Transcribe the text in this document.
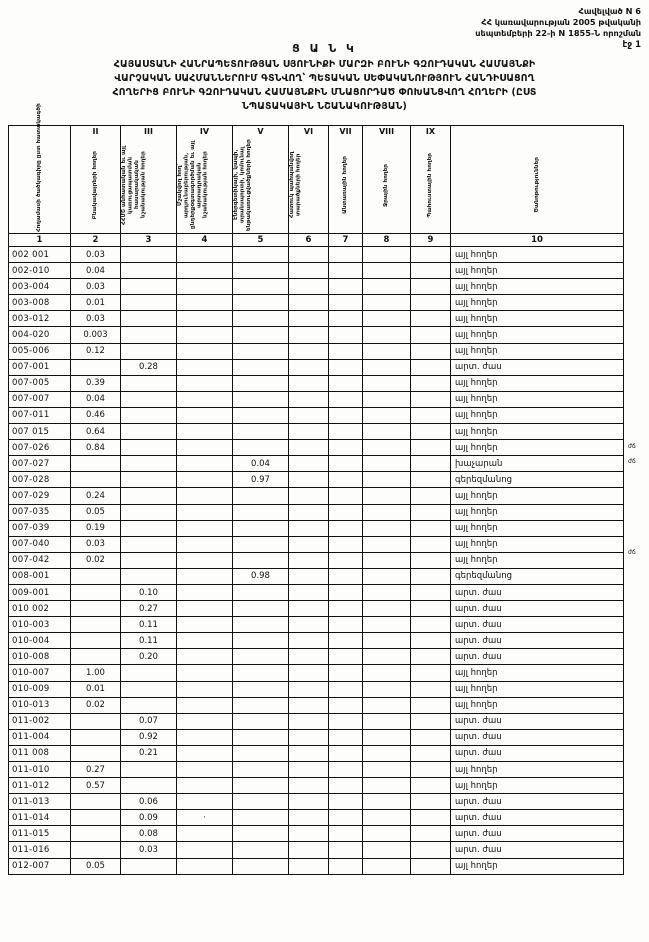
Հավելված N 6
ՀՀ կառավարության 2005 թվականի
սեպտեմբերի 22-ի N 1855-Ն որոշման
էջ 1
Ց Ա Ն Կ
ՀԱՅԱՍՏԱՆԻ ՀԱՆՐԱՊԵՏՈՒԹՅԱՆ ՍՅՈՒՆԻՔԻ ՄԱՐԶԻ ԲՈՒՆԻ ԳԶՈՒԴԱԿԱՆ ՀԱՄԱՅՆՔԻ
ՎԱՐՉԱԿԱՆ ՍԱՀՄԱՆՆԵՐՈՒՄ ԳՏՆՎՈՂ՝ ՊԵՏԱԿԱՆ ՍԵՓԱԿԱՆՈՒԹՅՈՒՆ ՀԱՆԴԻՍԱՑՈՂ
ՀՈՂԵՐԻՑ ԲՈՒՆԻ ԳԶՈՒԴԱԿԱՆ ՀԱՄԱՅՆՔԻՆ ՄՆԱՑՈՐԴԱԾ ՓՈԽԱՆՑՎՈՂ ՀՈՂԵՐԻ (ԸՍՏ
ՆՊԱՏԱԿԱՅԻՆ ՆՇԱՆԱԿՈՒԹՅԱՆ)
	II	III	IV	V	VI	VII	VIII	IX	

Հողամասի ծածկագիրը ըստ հատակագծի	Բնակավայրերի հողեր	ՀՀՄՇ անհատական եւ այլ կառուցապատման հասարակական նշանակության հողեր	Մշակվող հող՝ արդյունաբերության, ընդերքօգտագործման եւ այլ արտադրական նշանակության հողեր	Էներգետիկայի, կապի, տրանսպորտի, կոմունալ ենթակառուցվածքների հողեր	Հատուկ պահպանվող տարածքների հողեր	Անտառային հողեր	Ջրային հողեր	Պահուստային հողեր	Ծանոթություններ

1	2	3	4	5	6	7	8	9	10
002 001	0.03								այլ հողեր
002-010	0.04								այլ հողեր
003-004	0.03								այլ հողեր
003-008	0.01								այլ հողեր
003-012	0.03								այլ հողեր
004-020	0.003								այլ հողեր
005-006	0.12								այլ հողեր
007-001		0.28							արտ. ժաս
007-005	0.39								այլ հողեր
007-007	0.04								այլ հողեր
007-011	0.46								այլ հողեր
007 015	0.64								այլ հողեր
007-026	0.84								այլ հողեր
007-027				0.04					խաչարան
007-028				0.97					գերեզմանոց
007-029	0.24								այլ հողեր
007-035	0.05								այլ հողեր
007-039	0.19								այլ հողեր
007-040	0.03								այլ հողեր
007-042	0.02								այլ հողեր
008-001				0.98					գերեզմանոց
009-001		0.10							արտ. ժաս
010 002		0.27							արտ. ժաս
010-003		0.11							արտ. ժաս
010-004		0.11							արտ. ժաս
010-008		0.20							արտ. ժաս
010-007	1.00								այլ հողեր
010-009	0.01								այլ հողեր
010-013	0.02								այլ հողեր
011-002		0.07							արտ. ժաս
011-004		0.92							արտ. ժաս
011 008		0.21							արտ. ժաս
011-010	0.27								այլ հողեր
011-012	0.57								այլ հողեր
011-013		0.06							արտ. ժաս
011-014		0.09	·						արտ. ժաս
011-015		0.08							արտ. ժաս
011-016		0.03							արտ. ժաս
012-007	0.05								այլ հողեր
ժճ
ժճ
ժճ
